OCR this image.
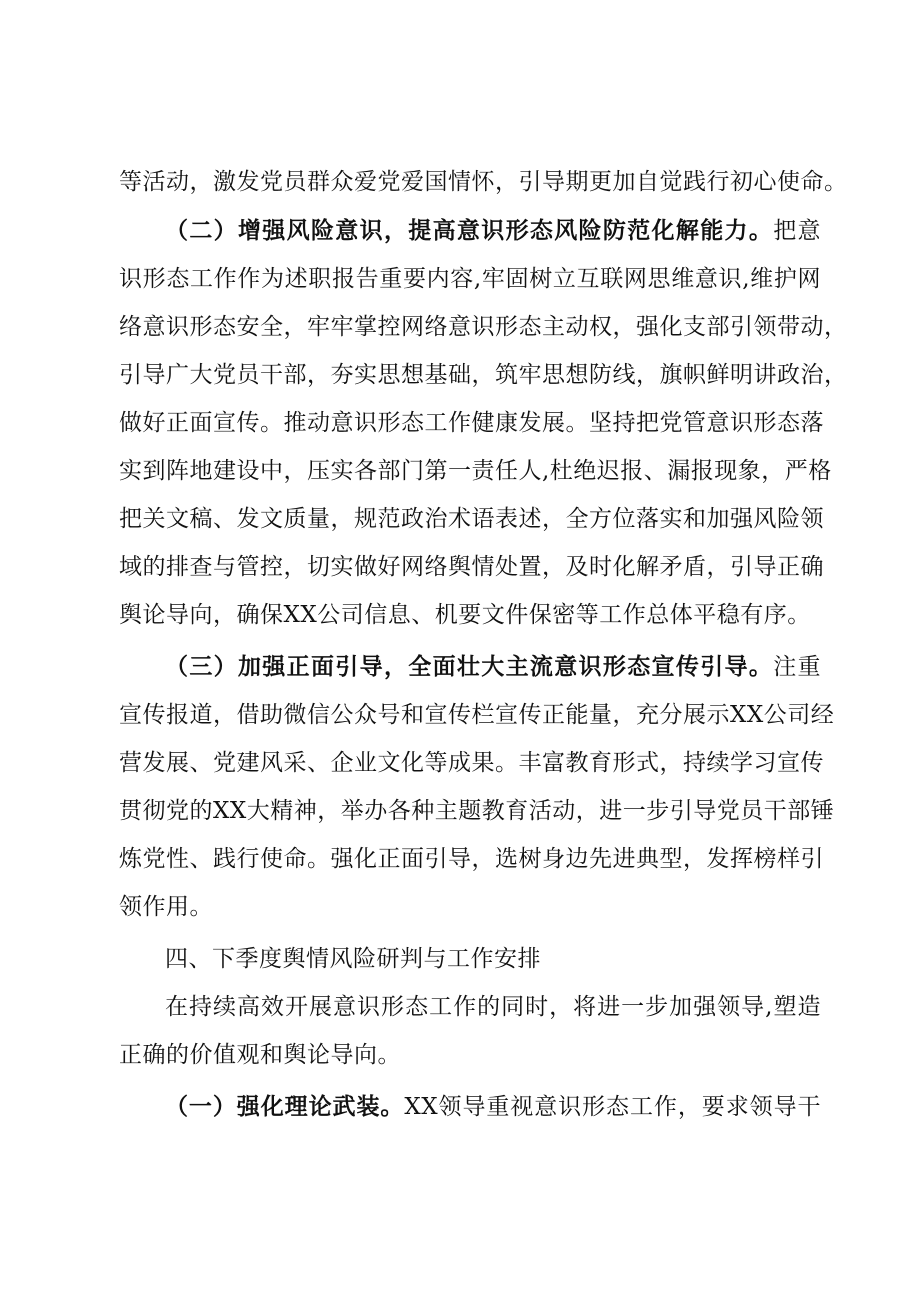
等活动，激发党员群众爱党爱国情怀，引导期更加自觉践行初心使命。
（二）增强风险意识，提高意识形态风险防范化解能力。把意
识形态工作作为述职报告重要内容,牢固树立互联网思维意识,维护网
络意识形态安全，牢牢掌控网络意识形态主动权，强化支部引领带动，
引导广大党员干部，夯实思想基础，筑牢思想防线，旗帜鲜明讲政治，
做好正面宣传。推动意识形态工作健康发展。坚持把党管意识形态落
实到阵地建设中，压实各部门第一责任人,杜绝迟报、漏报现象，严格
把关文稿、发文质量，规范政治术语表述，全方位落实和加强风险领
域的排查与管控，切实做好网络舆情处置，及时化解矛盾，引导正确
舆论导向，确保XX公司信息、机要文件保密等工作总体平稳有序。
（三）加强正面引导，全面壮大主流意识形态宣传引导。注重
宣传报道，借助微信公众号和宣传栏宣传正能量，充分展示XX公司经
营发展、党建风采、企业文化等成果。丰富教育形式，持续学习宣传
贯彻党的XX大精神，举办各种主题教育活动，进一步引导党员干部锤
炼党性、践行使命。强化正面引导，选树身边先进典型，发挥榜样引
领作用。
四、下季度舆情风险研判与工作安排
在持续高效开展意识形态工作的同时，将进一步加强领导,塑造
正确的价值观和舆论导向。
（一）强化理论武装。XX领导重视意识形态工作，要求领导干
